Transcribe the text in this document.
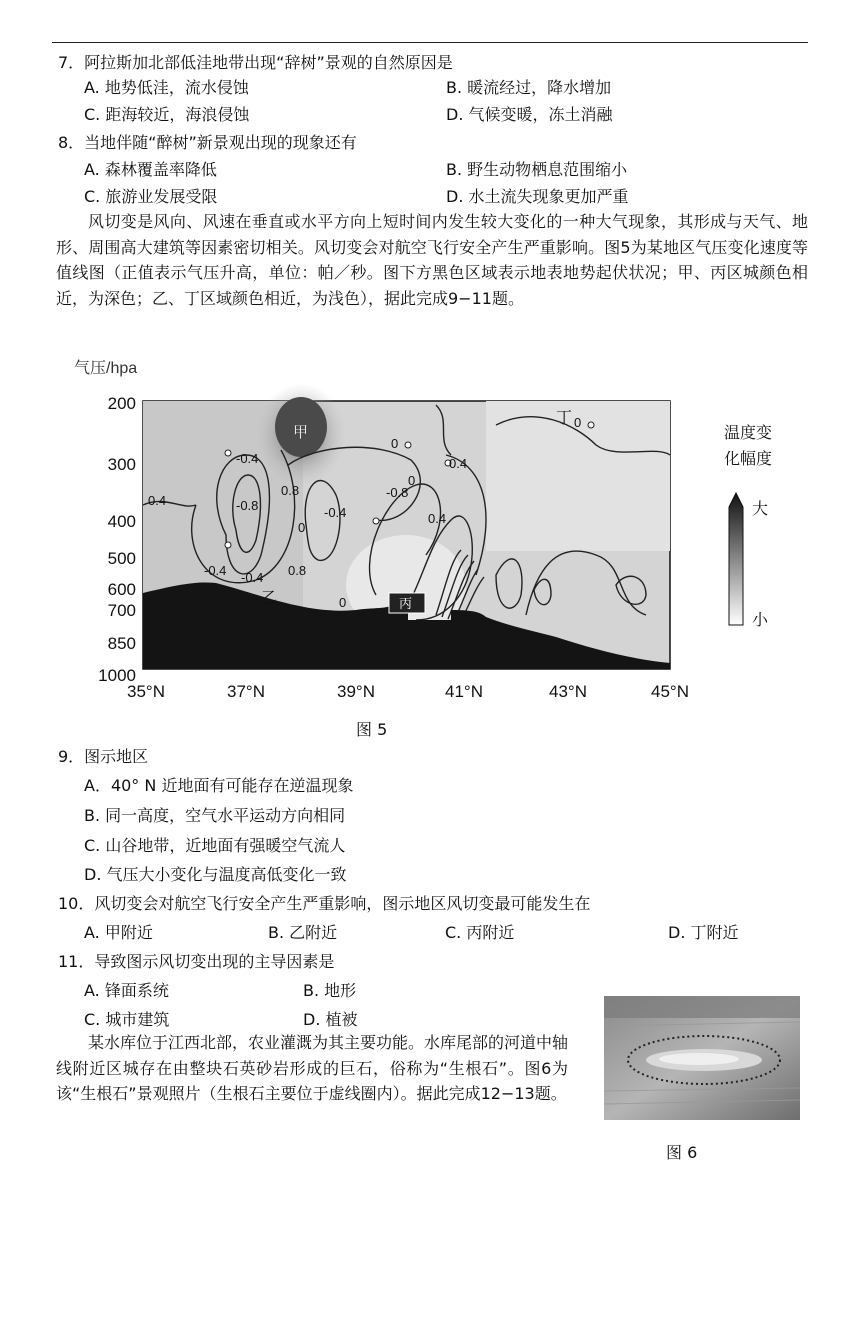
7．阿拉斯加北部低洼地带出现“辞树”景观的自然原因是
A. 地势低洼，流水侵蚀	B. 暖流经过，降水增加
C. 距海较近，海浪侵蚀	D. 气候变暖，冻土消融
8．当地伴随“醉树”新景观出现的现象还有
A. 森林覆盖率降低	B. 野生动物栖息范围缩小
C. 旅游业发展受限	D. 水土流失现象更加严重

风切变是风向、风速在垂直或水平方向上短时间内发生较大变化的一种大气现象，其形成与天气、地形、周围高大建筑等因素密切相关。风切变会对航空飞行安全产生严重影响。图5为某地区气压变化速度等值线图（正值表示气压升高，单位：帕／秒。图下方黑色区域表示地表地势起伏状况；甲、丙区城颜色相近，为深色；乙、丁区域颜色相近，为浅色），据此完成9−11题。

气压/hpa
0
-0.4	0.4
-0.8
0.8
-0.4
0
0.4
-0.8
-0.4
0.4
0
0.8
0
0
-0.4
甲
乙	丙
丁
200
300
400
500
600
700
850
1000
35°N	37°N	39°N	41°N	43°N	45°N
温度变
化幅度
大
小
图 5
9．图示地区
A．40° N 近地面有可能存在逆温现象
B. 同一高度，空气水平运动方向相同
C. 山谷地带，近地面有强暖空气流人
D. 气压大小变化与温度高低变化一致
10．风切变会对航空飞行安全产生严重影响，图示地区风切变最可能发生在
A. 甲附近	B. 乙附近	C. 丙附近	D. 丁附近
11．导致图示风切变出现的主导因素是
A. 锋面系统	B. 地形
C. 城市建筑	D. 植被

某水库位于江西北部，农业灌溉为其主要功能。水库尾部的河道中轴线附近区城存在由整块石英砂岩形成的巨石，俗称为“生根石”。图6为该“生根石”景观照片（生根石主要位于虚线圈内）。据此完成12−13题。

图 6
